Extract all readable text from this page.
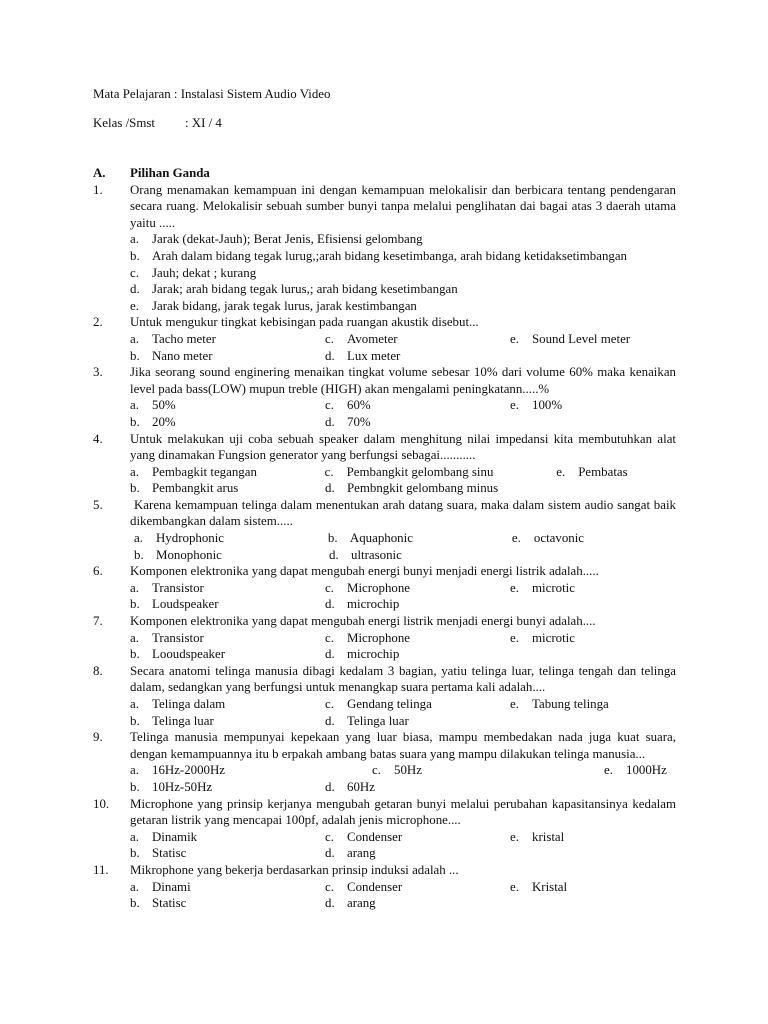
Mata Pelajaran : Instalasi Sistem Audio Video
Kelas /Smst : XI / 4
A.	Pilihan Ganda
1.	Orang menamakan kemampuan ini dengan kemampuan melokalisir dan berbicara tentang pendengaran secara ruang. Melokalisir sebuah sumber bunyi tanpa melalui penglihatan dai bagai atas 3 daerah utama yaitu .....
a.	Jarak (dekat-Jauh); Berat Jenis, Efisiensi gelombang
b. Arah dalam bidang tegak lurug,;arah bidang kesetimbanga, arah bidang ketidaksetimbangan
c.	Jauh; dekat ; kurang
d. Jarak; arah bidang tegak lurus,; arah bidang kesetimbangan
e.	Jarak bidang, jarak tegak lurus, jarak kestimbangan
2.	Untuk mengukur tingkat kebisingan pada ruangan akustik disebut...
a.	Tacho meter	c.	Avometer	e.	Sound Level meter
b. Nano meter	d. Lux meter
3.	Jika seorang sound enginering menaikan tingkat volume sebesar 10% dari volume 60% maka kenaikan level pada bass(LOW) mupun treble (HIGH) akan mengalami peningkatann.....%
a.	50%	c.	60%	e.	100%
b. 20%	d. 70%
4.	Untuk melakukan uji coba sebuah speaker dalam menghitung nilai impedansi kita membutuhkan alat yang dinamakan Fungsion generator yang berfungsi sebagai...........
a.	Pembagkit tegangan	c.	Pembangkit gelombang sinu	e.	Pembatas
b. Pembangkit arus	d. Pembngkit gelombang minus
5.	Karena kemampuan telinga dalam menentukan arah datang suara, maka dalam sistem audio sangat baik dikembangkan dalam sistem.....
a.	Hydrophonic	b. Aquaphonic	e.	octavonic
b. Monophonic	d. ultrasonic
6.	Komponen elektronika yang dapat mengubah energi bunyi menjadi energi listrik adalah.....
a.	Transistor	c.	Microphone	e.	microtic
b. Loudspeaker	d. microchip
7.	Komponen elektronika yang dapat mengubah energi listrik menjadi energi bunyi adalah....
a.	Transistor	c.	Microphone	e.	microtic
b. Looudspeaker	d. microchip
8.	Secara anatomi telinga manusia dibagi kedalam 3 bagian, yatiu telinga luar, telinga tengah dan telinga dalam, sedangkan yang berfungsi untuk menangkap suara pertama kali adalah....
a.	Telinga dalam	c.	Gendang telinga	e.	Tabung telinga
b. Telinga luar	d. Telinga luar
9.	Telinga manusia mempunyai kepekaan yang luar biasa, mampu membedakan nada juga kuat suara, dengan kemampuannya itu b erpakah ambang batas suara yang mampu dilakukan telinga manusia...
a.	16Hz-2000Hz	c.	50Hz	e.	1000Hz
b. 10Hz-50Hz	d. 60Hz
10.	Microphone yang prinsip kerjanya mengubah getaran bunyi melalui perubahan kapasitansinya kedalam getaran listrik yang mencapai 100pf, adalah jenis microphone....
a.	Dinamik	c.	Condenser	e.	kristal
b. Statisc	d. arang
11.	Mikrophone yang bekerja berdasarkan prinsip induksi adalah ...
a.	Dinami	c.	Condenser	e.	Kristal
b. Statisc	d. arang
